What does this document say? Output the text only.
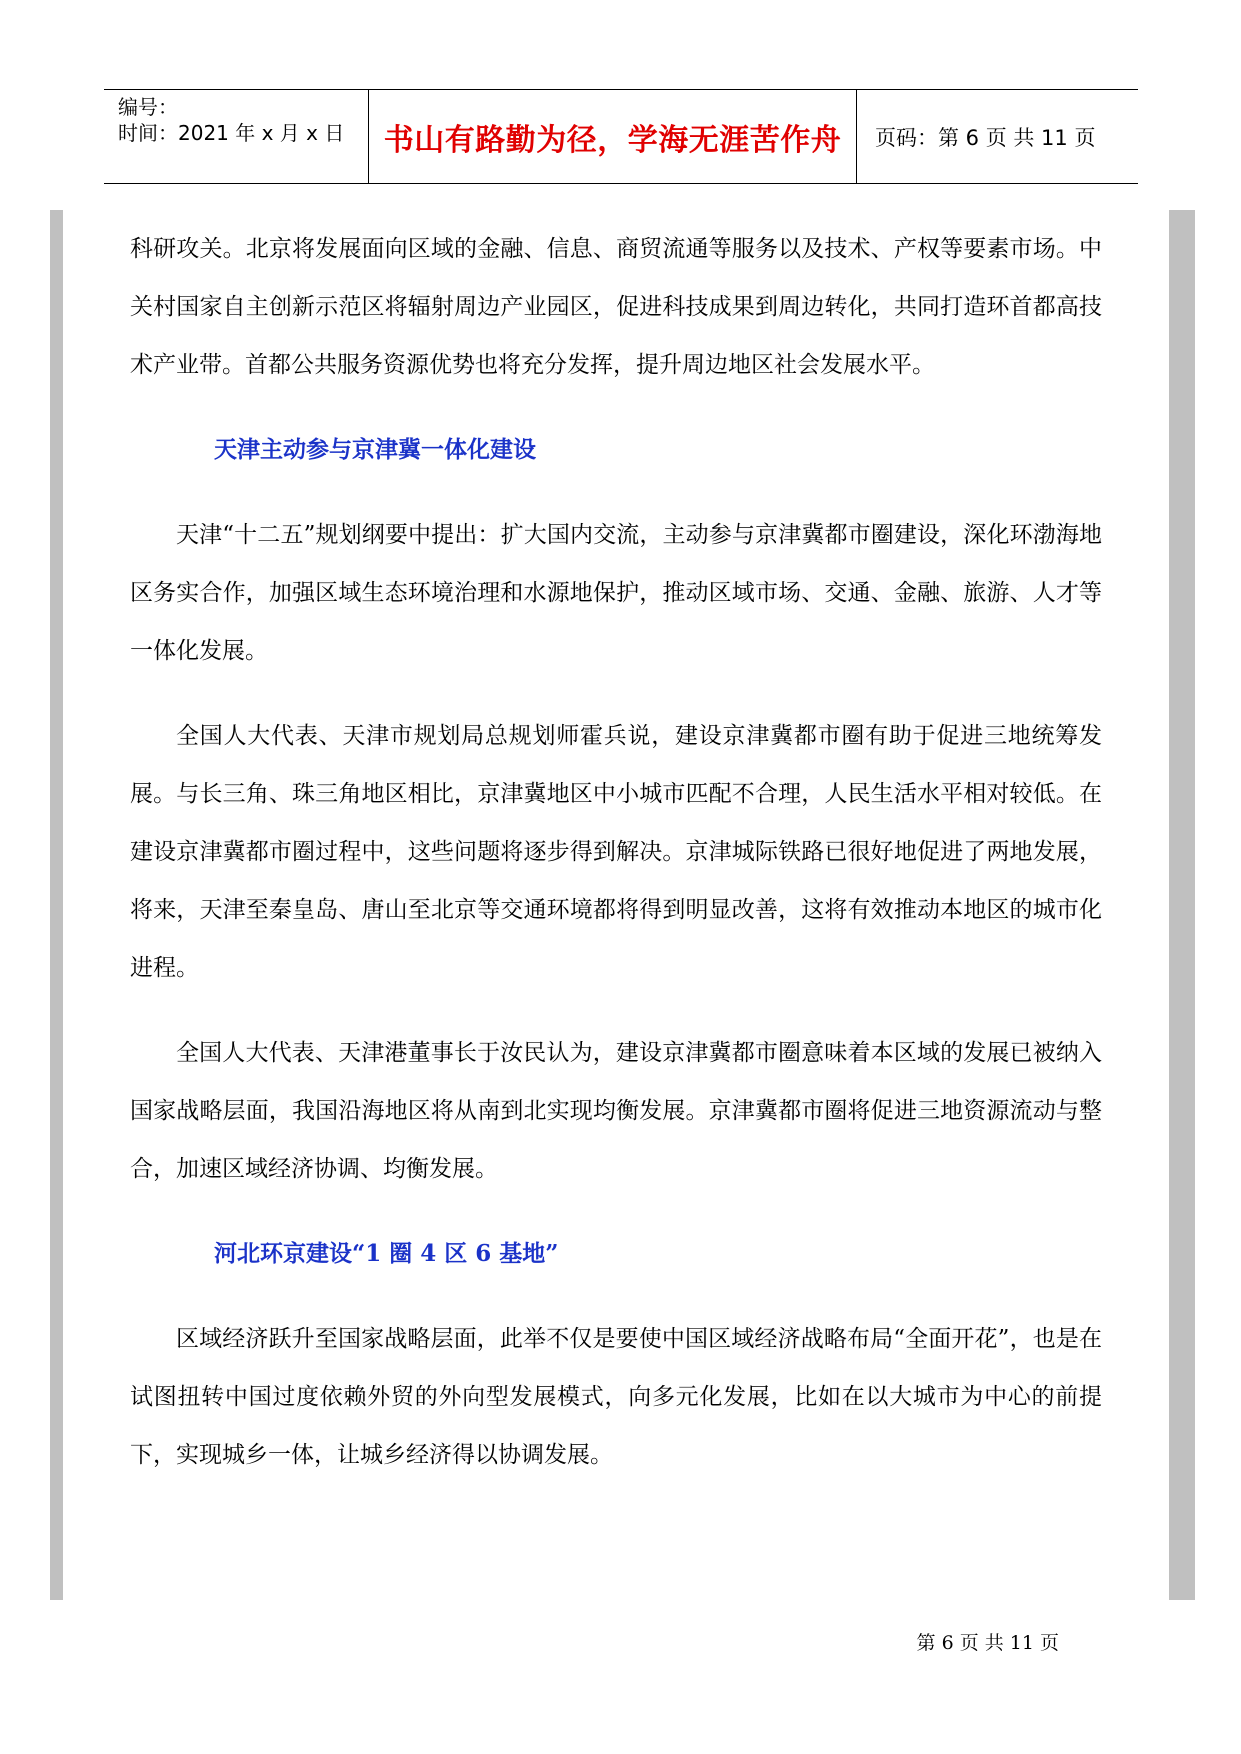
编号：
时间：2021 年 x 月 x 日	书山有路勤为径，学海无涯苦作舟	页码：第 6 页 共 11 页

科研攻关。北京将发展面向区域的金融、信息、商贸流通等服务以及技术、产权等要素市场。中关村国家自主创新示范区将辐射周边产业园区，促进科技成果到周边转化，共同打造环首都高技术产业带。首都公共服务资源优势也将充分发挥，提升周边地区社会发展水平。

天津主动参与京津冀一体化建设

天津“十二五”规划纲要中提出：扩大国内交流，主动参与京津冀都市圈建设，深化环渤海地区务实合作，加强区域生态环境治理和水源地保护，推动区域市场、交通、金融、旅游、人才等一体化发展。

全国人大代表、天津市规划局总规划师霍兵说，建设京津冀都市圈有助于促进三地统筹发展。与长三角、珠三角地区相比，京津冀地区中小城市匹配不合理，人民生活水平相对较低。在建设京津冀都市圈过程中，这些问题将逐步得到解决。京津城际铁路已很好地促进了两地发展，将来，天津至秦皇岛、唐山至北京等交通环境都将得到明显改善，这将有效推动本地区的城市化进程。

全国人大代表、天津港董事长于汝民认为，建设京津冀都市圈意味着本区域的发展已被纳入国家战略层面，我国沿海地区将从南到北实现均衡发展。京津冀都市圈将促进三地资源流动与整合，加速区域经济协调、均衡发展。

河北环京建设“1 圈 4 区 6 基地”

区域经济跃升至国家战略层面，此举不仅是要使中国区域经济战略布局“全面开花”，也是在试图扭转中国过度依赖外贸的外向型发展模式，向多元化发展，比如在以大城市为中心的前提下，实现城乡一体，让城乡经济得以协调发展。

第 6 页 共 11 页
